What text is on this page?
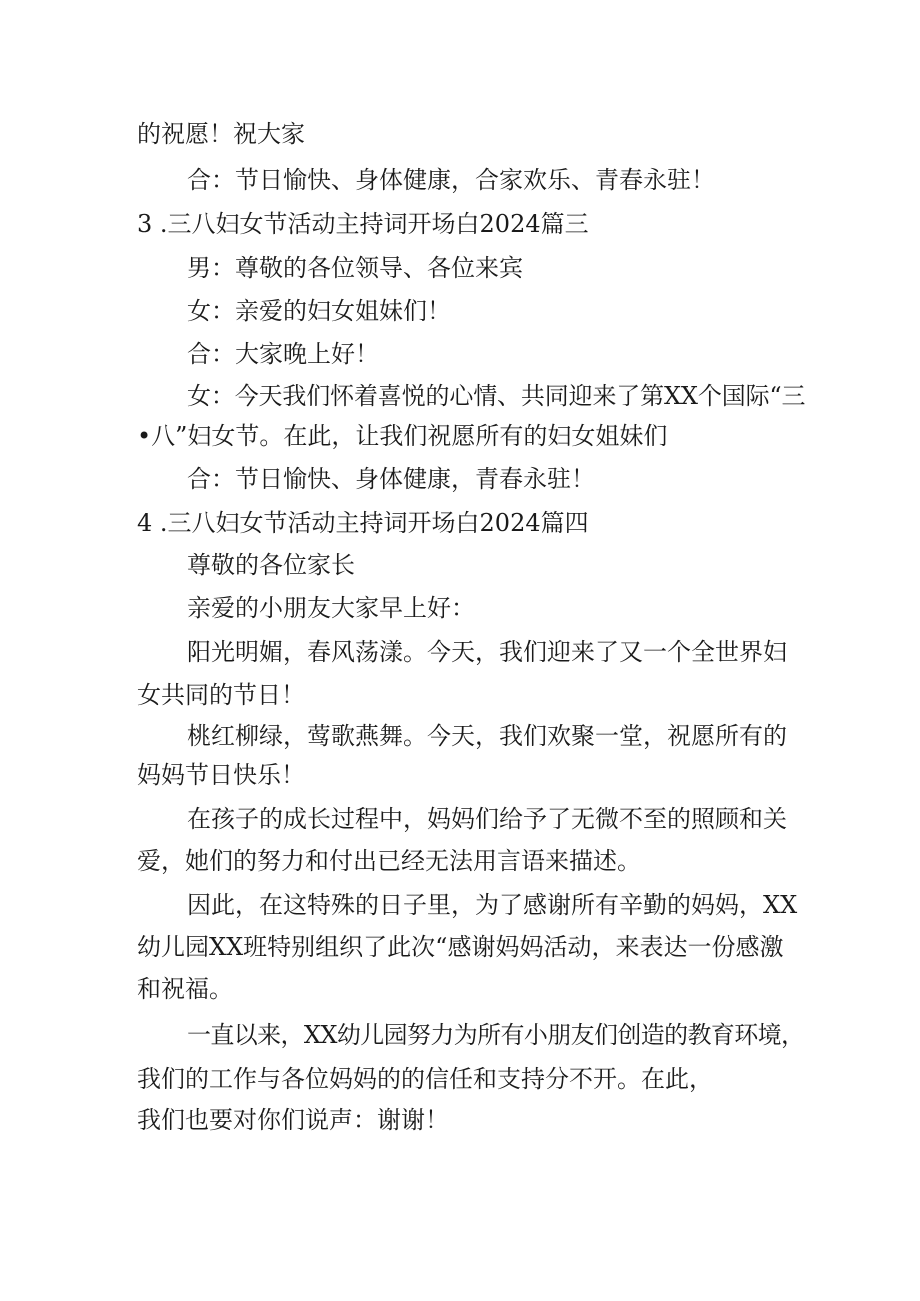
的祝愿！祝大家

合：节日愉快、身体健康，合家欢乐、青春永驻！

3 .三八妇女节活动主持词开场白2024篇三

男：尊敬的各位领导、各位来宾

女：亲爱的妇女姐妹们！

合：大家晚上好！

女：今天我们怀着喜悦的心情、共同迎来了第XX个国际“三

•八”妇女节。在此，让我们祝愿所有的妇女姐妹们

合：节日愉快、身体健康，青春永驻！

4 .三八妇女节活动主持词开场白2024篇四

尊敬的各位家长

亲爱的小朋友大家早上好：

阳光明媚，春风荡漾。今天，我们迎来了又一个全世界妇

女共同的节日！

桃红柳绿，莺歌燕舞。今天，我们欢聚一堂，祝愿所有的

妈妈节日快乐！

在孩子的成长过程中，妈妈们给予了无微不至的照顾和关

爱，她们的努力和付出已经无法用言语来描述。

因此，在这特殊的日子里，为了感谢所有辛勤的妈妈，XX

幼儿园XX班特别组织了此次“感谢妈妈活动，来表达一份感激

和祝福。

一直以来，XX幼儿园努力为所有小朋友们创造的教育环境，

我们的工作与各位妈妈的的信任和支持分不开。在此，

我们也要对你们说声：谢谢！
